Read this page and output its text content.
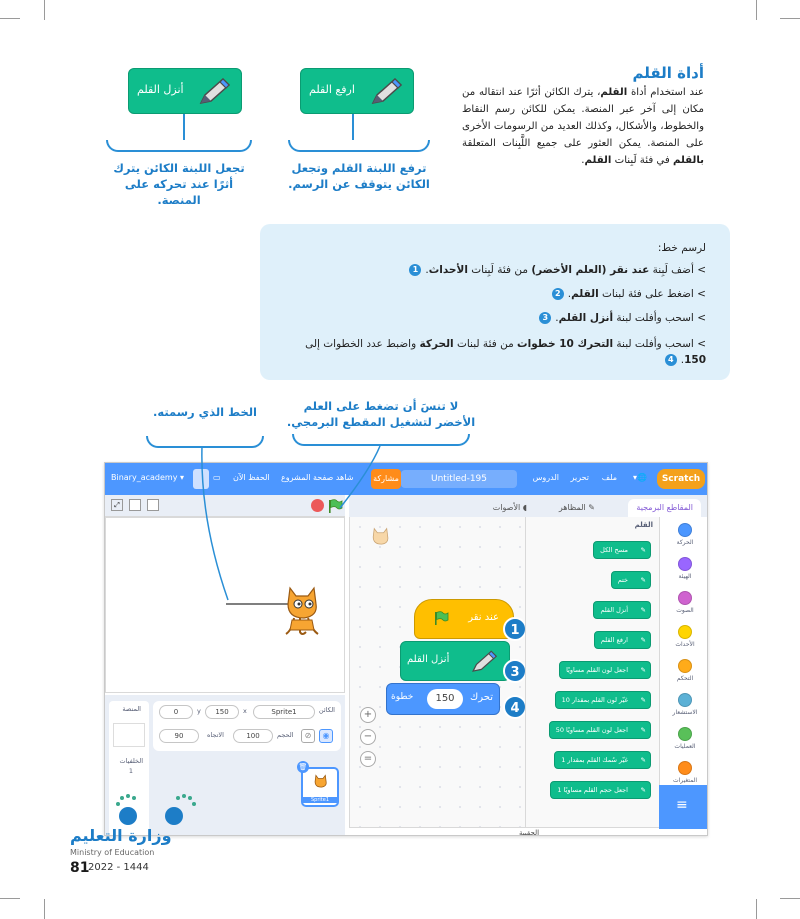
أداة القلم
عند استخدام أداة القلم، يترك الكائن أثرًا عند انتقاله من مكان إلى آخر عبر المنصة. يمكن للكائن رسم النقاط والخطوط، والأشكال، وكذلك العديد من الرسومات الأخرى على المنصة. يمكن العثور على جميع اللَّبِنات المتعلقة بالقلم في فئة لَبِنات القلم.
أنزل القلم
تجعل اللبنة الكائن يترك أثرًا عند تحركه على المنصة.
ارفع القلم
ترفع اللبنة القلم وتجعل الكائن يتوقف عن الرسم.
لرسم خط:
> أضف لَبِنة عند نقر (العلم الأخضر) من فئة لَبِنات الأحداث.1
> اضغط على فئة لبنات القلم.2
> اسحب وأفلت لبنة أنزل القلم.3
> اسحب وأفلت لبنة التحرك 10 خطوات من فئة لبنات الحركة واضبط عدد الخطوات إلى 150.4
لا تنسَ أن تضغط على العلم الأخضر لتشغيل المقطع البرمجي.
الخط الذي رسمته.
Scratch
🌐▾
ملف
تحرير
الدروس
Untitled-195
مشاركة
شاهد صفحة المشروع
الحفظ الآن
▭
▾ Binary_academy
⤢
الكائن
Sprite1
x
150
y
0
الحجم
100
الاتجاه
90	⊘	◉
المنصة
الخلفيات
1	🗑
Sprite1
المقاطع البرمجية
✎ المظاهر
◖ الأصوات
عند نقر
أنزل القلم
تحرك
150
خطوة
+
−
=
1
3
4
القلم
مسح الكل ✎
ختم ✎
أنزل القلم ✎
ارفع القلم ✎
اجعل لون القلم مساويًا ✎
غيّر لون القلم بمقدار 10 ✎
اجعل لون القلم مساويًا 50 ✎
غيّر سُمك القلم بمقدار 1 ✎
اجعل حجم القلم مساويًا 1 ✎
الحركة
الهيئة
الصوت
الأحداث
التحكم
الاستشعار
العمليات
المتغيرات
الحقيبة
≡
وزارة التعليم
Ministry of Education
81
2022 - 1444
